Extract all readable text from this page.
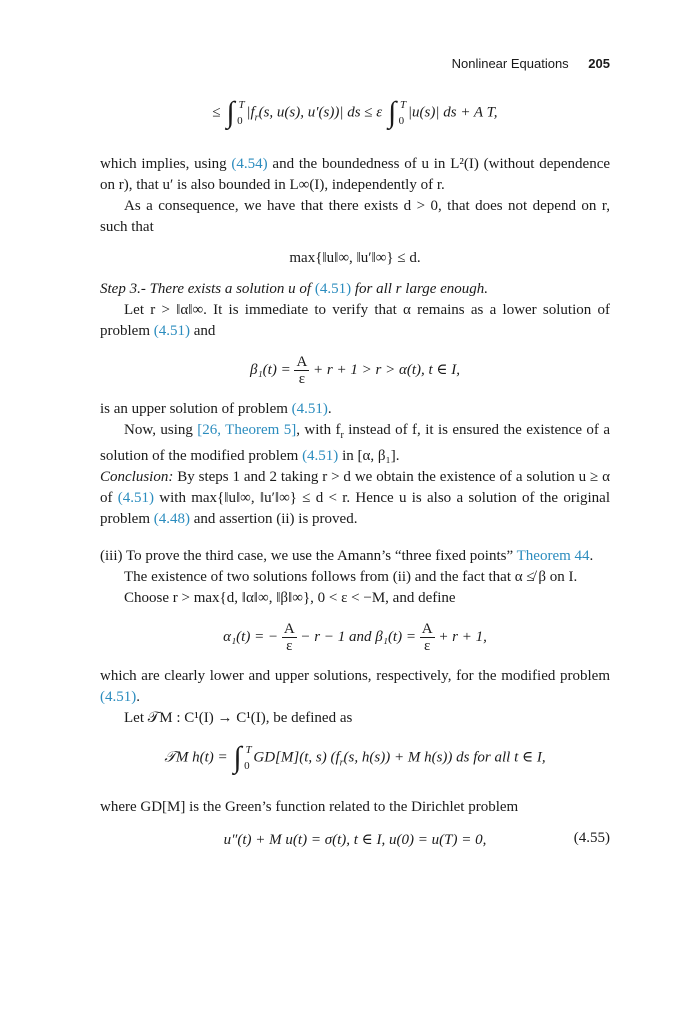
Nonlinear Equations 205
≤ ∫ T
0
$|f_r(s$, u(s), u′(s))| ds ≤ ε ∫ T
0
|u(s)| ds + A T,

which implies, using (4.54) and the boundedness of u in L²(I) (without dependence on r), that u′ is also bounded in L∞(I), independently of r.

As a consequence, we have that there exists d > 0, that does not depend on r, such that

max{‖u‖∞, ‖u′‖∞} ≤ d.

Step 3.- There exists a solution u of (4.51) for all r large enough.

Let r > ‖α‖∞. It is immediate to verify that α remains as a lower solution of problem (4.51) and

$\beta_1(t) = \frac{A}{\varepsilon} + r + 1 > r > \alpha(t)$, t ∈ I,

is an upper solution of problem (4.51).

Now, using [26, Theorem 5], with $f_r$ instead of f, it is ensured the existence of a solution of the modified problem (4.51) in [α, β₁].

Conclusion: By steps 1 and 2 taking r > d we obtain the existence of a solution u ≥ α of (4.51) with max{‖u‖∞, ‖u′‖∞} ≤ d < r. Hence u is also a solution of the original problem (4.48) and assertion (ii) is proved.

(iii) To prove the third case, we use the Amann’s “three fixed points” Theorem 44.

The existence of two solutions follows from (ii) and the fact that α ≰ β on I.

Choose r > max{d, ‖α‖∞, ‖β‖∞}, 0 < ε < −M, and define

α₁(t) = − $\frac{A}{\varepsilon} - r - 1$ and $\beta_1(t) = \frac{A}{\varepsilon} + r + 1$,

which are clearly lower and upper solutions, respectively, for the modified problem (4.51).

Let 𝒯M : C¹(I) → C¹(I), be defined as

𝒯M h(t) = ∫ T
0
GD[M](t, s) ($f_r(s$, h(s)) + M h(s)) ds for all t ∈ I,

where GD[M] is the Green’s function related to the Dirichlet problem

u″(t) + M u(t) = σ(t), t ∈ I, u(0) = u(T) = 0,	(4.55)
